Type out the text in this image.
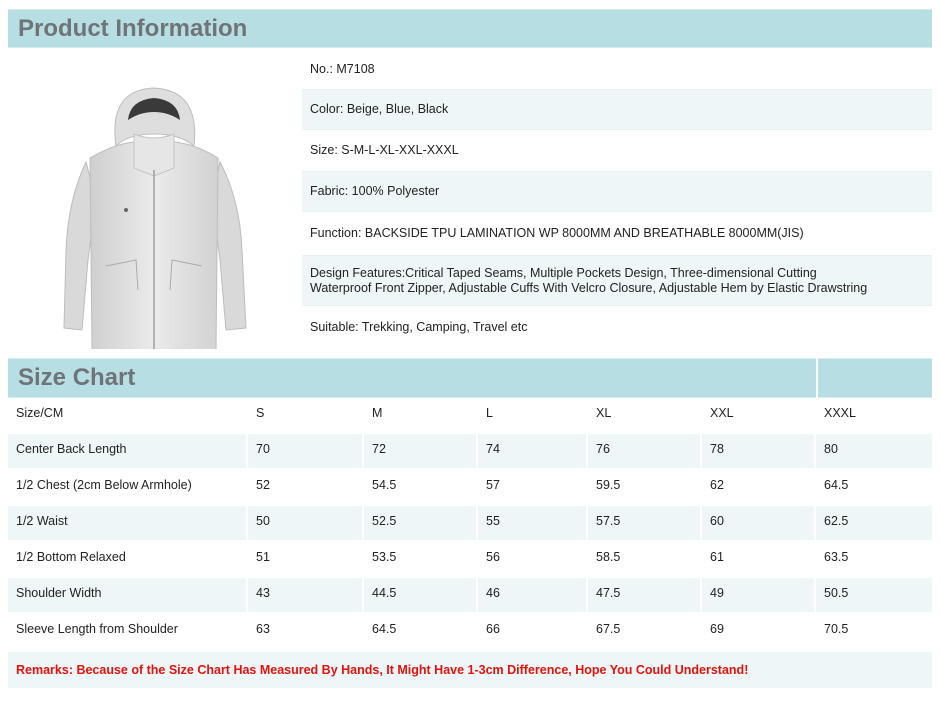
Product Information
No.: M7108
Color: Beige, Blue, Black
Size: S-M-L-XL-XXL-XXXL
Fabric: 100% Polyester
Function: BACKSIDE TPU LAMINATION WP 8000MM AND BREATHABLE 8000MM(JIS)
Design Features:Critical Taped Seams, Multiple Pockets Design, Three-dimensional Cutting
Waterproof Front Zipper, Adjustable Cuffs With Velcro Closure, Adjustable Hem by Elastic Drawstring
Suitable: Trekking, Camping, Travel etc
Size Chart
Size/CM	S	M	L	XL	XXL	XXXL
Center Back Length	70	72	74	76	78	80
1/2 Chest (2cm Below Armhole)	52	54.5	57	59.5	62	64.5
1/2 Waist	50	52.5	55	57.5	60	62.5
1/2 Bottom Relaxed	51	53.5	56	58.5	61	63.5
Shoulder Width	43	44.5	46	47.5	49	50.5
Sleeve Length from Shoulder	63	64.5	66	67.5	69	70.5
Remarks: Because of the Size Chart Has Measured By Hands, It Might Have 1-3cm Difference, Hope You Could Understand!
